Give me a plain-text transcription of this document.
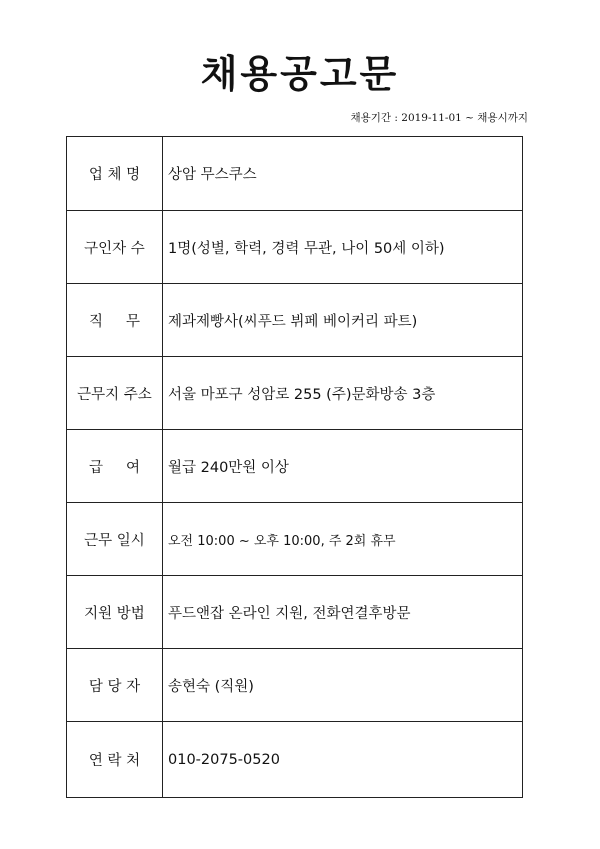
채용공고문
채용기간 : 2019-11-01 ~ 채용시까지
업 체 명	상암 무스쿠스
구인자 수	1명(성별, 학력, 경력 무관, 나이 50세 이하)
직     무	제과제빵사(씨푸드 뷔페 베이커리 파트)
근무지 주소	서울 마포구 성암로 255 (주)문화방송 3층
급     여	월급 240만원 이상
근무 일시	오전 10:00 ~ 오후 10:00, 주 2회 휴무
지원 방법	푸드앤잡 온라인 지원, 전화연결후방문
담 당 자	송현숙 (직원)
연 락 처	010-2075-0520
